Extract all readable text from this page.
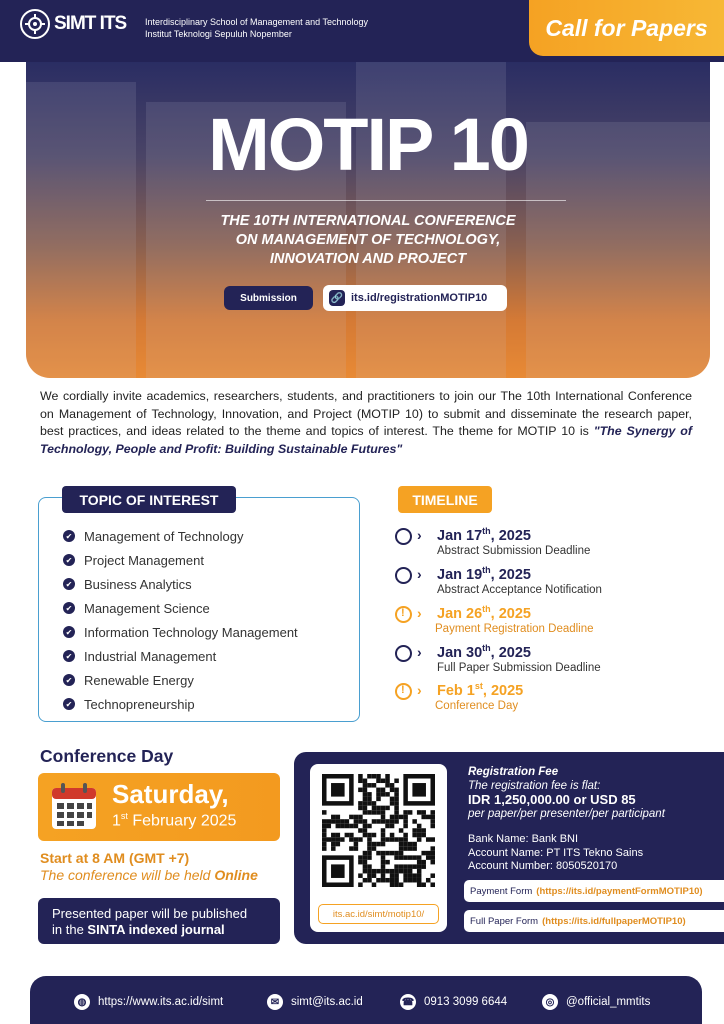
SIMT ITS Interdisciplinary School of Management and Technology
Institut Teknologi Sepuluh Nopember	Call for Papers
MOTIP 10
THE 10TH INTERNATIONAL CONFERENCE
ON MANAGEMENT OF TECHNOLOGY,
INNOVATION AND PROJECT
Submission	🔗 its.id/registrationMOTIP10

We cordially invite academics, researchers, students, and practitioners to join our The 10th International Conference on Management of Technology, Innovation, and Project (MOTIP 10) to submit and disseminate the research paper, best practices, and ideas related to the theme and topics of interest. The theme for MOTIP 10 is "The Synergy of Technology, People and Profit: Building Sustainable Futures"

TOPIC OF INTEREST
✔ Management of Technology
✔ Project Management
✔ Business Analytics
✔ Management Science
✔ Information Technology Management
✔ Industrial Management
✔ Renewable Energy
✔ Technopreneurship
TIMELINE
› Jan 17th, 2025
Abstract Submission Deadline
› Jan 19th, 2025
Abstract Acceptance Notification
!
› Jan 26th, 2025
Payment Registration Deadline
› Jan 30th, 2025
Full Paper Submission Deadline
!
› Feb 1st, 2025
Conference Day
Conference Day
Saturday,
1st February 2025
Start at 8 AM (GMT +7)
The conference will be held Online
Presented paper will be published
in the SINTA indexed journal
its.ac.id/simt/motip10/
Registration Fee
The registration fee is flat:
IDR 1,250,000.00 or USD 85
per paper/per presenter/per participant
Bank Name: Bank BNI
Account Name: PT ITS Tekno Sains
Account Number: 8050520170
Payment Form (https://its.id/paymentFormMOTIP10)
Full Paper Form (https://its.id/fullpaperMOTIP10)
◍	https://www.its.ac.id/simt	✉	simt@its.ac.id	☎ 0913 3099 6644	◎	@official_mmtits
